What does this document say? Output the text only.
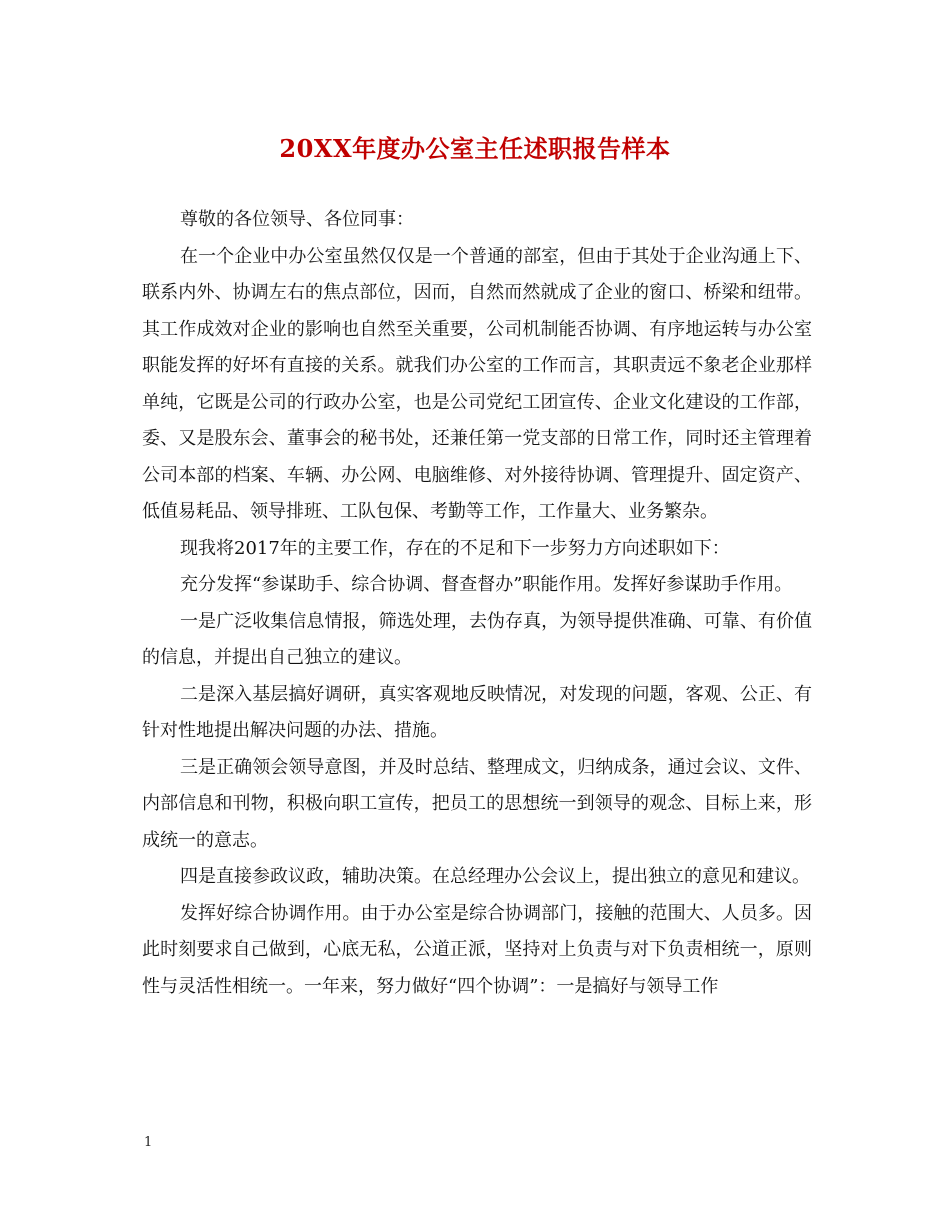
20XX年度办公室主任述职报告样本

尊敬的各位领导、各位同事：

在一个企业中办公室虽然仅仅是一个普通的部室，但由于其处于企业沟通上下、联系内外、协调左右的焦点部位，因而，自然而然就成了企业的窗口、桥梁和纽带。其工作成效对企业的影响也自然至关重要，公司机制能否协调、有序地运转与办公室职能发挥的好坏有直接的关系。就我们办公室的工作而言，其职责远不象老企业那样单纯，它既是公司的行政办公室，也是公司党纪工团宣传、企业文化建设的工作部，委、又是股东会、董事会的秘书处，还兼任第一党支部的日常工作，同时还主管理着公司本部的档案、车辆、办公网、电脑维修、对外接待协调、管理提升、固定资产、低值易耗品、领导排班、工队包保、考勤等工作，工作量大、业务繁杂。

现我将2017年的主要工作，存在的不足和下一步努力方向述职如下：

充分发挥“参谋助手、综合协调、督查督办”职能作用。发挥好参谋助手作用。

一是广泛收集信息情报，筛选处理，去伪存真，为领导提供准确、可靠、有价值的信息，并提出自己独立的建议。

二是深入基层搞好调研，真实客观地反映情况，对发现的问题，客观、公正、有针对性地提出解决问题的办法、措施。

三是正确领会领导意图，并及时总结、整理成文，归纳成条，通过会议、文件、内部信息和刊物，积极向职工宣传，把员工的思想统一到领导的观念、目标上来，形成统一的意志。

四是直接参政议政，辅助决策。在总经理办公会议上，提出独立的意见和建议。

发挥好综合协调作用。由于办公室是综合协调部门，接触的范围大、人员多。因此时刻要求自己做到，心底无私，公道正派，坚持对上负责与对下负责相统一，原则性与灵活性相统一。一年来，努力做好“四个协调”：一是搞好与领导工作

1
